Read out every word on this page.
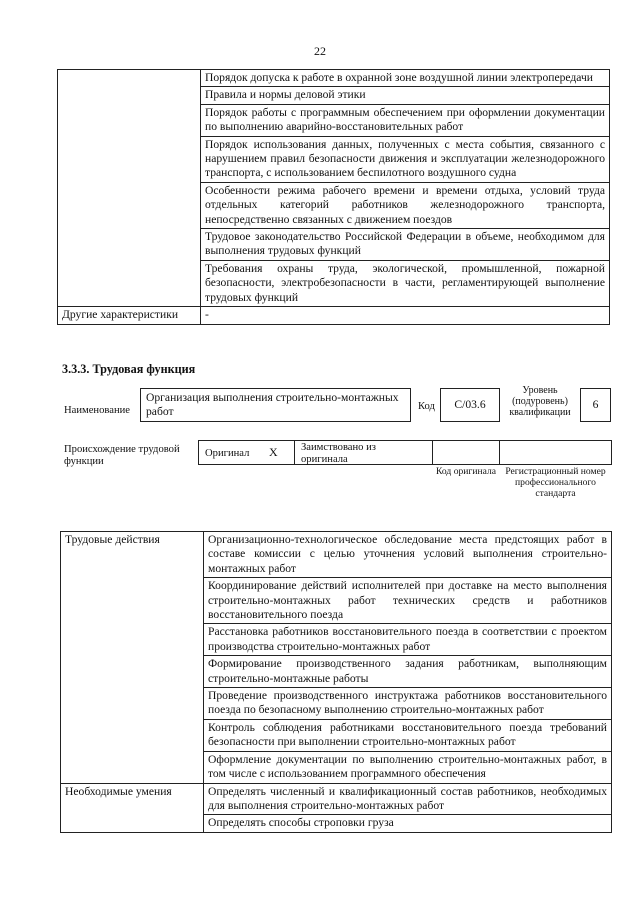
22
	Порядок допуска к работе в охранной зоне воздушной линии электропередачи
	Правила и нормы деловой этики
	Порядок работы с программным обеспечением при оформлении документации по выполнению аварийно-восстановительных работ
	Порядок использования данных, полученных с места события, связанного с нарушением правил безопасности движения и эксплуатации железнодорожного транспорта, с использованием беспилотного воздушного судна
	Особенности режима рабочего времени и времени отдыха, условий труда отдельных категорий работников железнодорожного транспорта, непосредственно связанных с движением поездов
	Трудовое законодательство Российской Федерации в объеме, необходимом для выполнения трудовых функций
	Требования охраны труда, экологической, промышленной, пожарной безопасности, электробезопасности в части, регламентирующей выполнение трудовых функций
Другие характеристики	-
3.3.3. Трудовая функция
Наименование
Организация выполнения строительно-монтажных работ	Код	C/03.6
Уровень (подуровень) квалификации
6
Происхождение трудовой функции
Оригинал X Заимствовано из оригинала
Код оригинала Регистрационный номер профессионального стандарта
Трудовые действия	Организационно-технологическое обследование места предстоящих работ в составе комиссии с целью уточнения условий выполнения строительно-монтажных работ
	Координирование действий исполнителей при доставке на место выполнения строительно-монтажных работ технических средств и работников восстановительного поезда
	Расстановка работников восстановительного поезда в соответствии с проектом производства строительно-монтажных работ
	Формирование производственного задания работникам, выполняющим строительно-монтажные работы
	Проведение производственного инструктажа работников восстановительного поезда по безопасному выполнению строительно-монтажных работ
	Контроль соблюдения работниками восстановительного поезда требований безопасности при выполнении строительно-монтажных работ
	Оформление документации по выполнению строительно-монтажных работ, в том числе с использованием программного обеспечения
Необходимые умения	Определять численный и квалификационный состав работников, необходимых для выполнения строительно-монтажных работ
	Определять способы строповки груза
